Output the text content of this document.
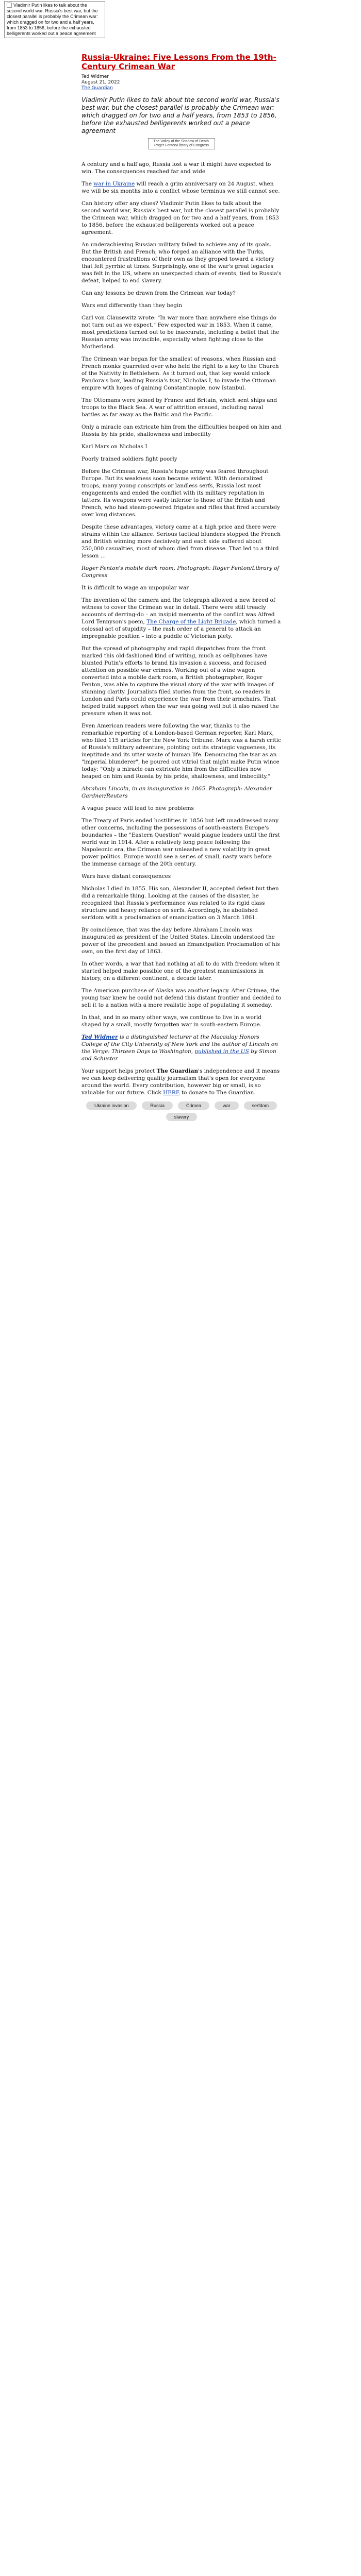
Vladimir Putin likes to talk about the second world war. Russia's best war, but the closest parallel is probably the Crimean war: which dragged on for two and a half years, from 1853 to 1856, before the exhausted belligerents worked out a peace agreement
Russia-Ukraine: Five Lessons From the 19th-Century Crimean War
Ted Widmer
August 21, 2022
The Guardian
Vladimir Putin likes to talk about the second world war, Russia's best war, but the closest parallel is probably the Crimean war: which dragged on for two and a half years, from 1853 to 1856, before the exhausted belligerents worked out a peace agreement
The Valley of the Shadow of Death. Roger Fenton/Library of Congress

A century and a half ago, Russia lost a war it might have expected to win. The consequences reached far and wide

The war in Ukraine will reach a grim anniversary on 24 August, when we will be six months into a conflict whose terminus we still cannot see.

Can history offer any clues? Vladimir Putin likes to talk about the second world war, Russia's best war, but the closest parallel is probably the Crimean war, which dragged on for two and a half years, from 1853 to 1856, before the exhausted belligerents worked out a peace agreement.

An underachieving Russian military failed to achieve any of its goals. But the British and French, who forged an alliance with the Turks, encountered frustrations of their own as they groped toward a victory that felt pyrrhic at times. Surprisingly, one of the war's great legacies was felt in the US, where an unexpected chain of events, tied to Russia's defeat, helped to end slavery.

Can any lessons be drawn from the Crimean war today?

Wars end differently than they begin

Carl von Clausewitz wrote: "In war more than anywhere else things do not turn out as we expect." Few expected war in 1853. When it came, most predictions turned out to be inaccurate, including a belief that the Russian army was invincible, especially when fighting close to the Motherland.

The Crimean war began for the smallest of reasons, when Russian and French monks quarreled over who held the right to a key to the Church of the Nativity in Bethlehem. As it turned out, that key would unlock Pandora's box, leading Russia's tsar, Nicholas I, to invade the Ottoman empire with hopes of gaining Constantinople, now Istanbul.

The Ottomans were joined by France and Britain, which sent ships and troops to the Black Sea. A war of attrition ensued, including naval battles as far away as the Baltic and the Pacific.

Only a miracle can extricate him from the difficulties heaped on him and Russia by his pride, shallowness and imbecility

Karl Marx on Nicholas I

Poorly trained soldiers fight poorly

Before the Crimean war, Russia's huge army was feared throughout Europe. But its weakness soon became evident. With demoralized troops, many young conscripts or landless serfs, Russia lost most engagements and ended the conflict with its military reputation in tatters. Its weapons were vastly inferior to those of the British and French, who had steam-powered frigates and rifles that fired accurately over long distances.

Despite these advantages, victory came at a high price and there were strains within the alliance. Serious tactical blunders stopped the French and British winning more decisively and each side suffered about 250,000 casualties, most of whom died from disease. That led to a third lesson …

Roger Fenton's mobile dark room. Photograph: Roger Fenton/Library of Congress

It is difficult to wage an unpopular war

The invention of the camera and the telegraph allowed a new breed of witness to cover the Crimean war in detail. There were still treacly accounts of derring-do – an insipid memento of the conflict was Alfred Lord Tennyson's poem, The Charge of the Light Brigade, which turned a colossal act of stupidity – the rash order of a general to attack an impregnable position – into a puddle of Victorian piety.

But the spread of photography and rapid dispatches from the front marked this old-fashioned kind of writing, much as cellphones have blunted Putin's efforts to brand his invasion a success, and focused attention on possible war crimes. Working out of a wine wagon converted into a mobile dark room, a British photographer, Roger Fenton, was able to capture the visual story of the war with images of stunning clarity. Journalists filed stories from the front, so readers in London and Paris could experience the war from their armchairs. That helped build support when the war was going well but it also raised the pressure when it was not.

Even American readers were following the war, thanks to the remarkable reporting of a London-based German reporter, Karl Marx, who filed 115 articles for the New York Tribune. Marx was a harsh critic of Russia's military adventure, pointing out its strategic vagueness, its ineptitude and its utter waste of human life. Denouncing the tsar as an "imperial blunderer", he poured out vitriol that might make Putin wince today: "Only a miracle can extricate him from the difficulties now heaped on him and Russia by his pride, shallowness, and imbecility."

Abraham Lincoln, in an inauguration in 1865. Photograph: Alexander Gardner/Reuters

A vague peace will lead to new problems

The Treaty of Paris ended hostilities in 1856 but left unaddressed many other concerns, including the possessions of south-eastern Europe's boundaries – the "Eastern Question" would plague leaders until the first world war in 1914. After a relatively long peace following the Napoleonic era, the Crimean war unleashed a new volatility in great power politics. Europe would see a series of small, nasty wars before the immense carnage of the 20th century.

Wars have distant consequences

Nicholas I died in 1855. His son, Alexander II, accepted defeat but then did a remarkable thing. Looking at the causes of the disaster, he recognized that Russia's performance was related to its rigid class structure and heavy reliance on serfs. Accordingly, he abolished serfdom with a proclamation of emancipation on 3 March 1861.

By coincidence, that was the day before Abraham Lincoln was inaugurated as president of the United States. Lincoln understood the power of the precedent and issued an Emancipation Proclamation of his own, on the first day of 1863.

In other words, a war that had nothing at all to do with freedom when it started helped make possible one of the greatest manumissions in history, on a different continent, a decade later.

The American purchase of Alaska was another legacy. After Crimea, the young tsar knew he could not defend this distant frontier and decided to sell it to a nation with a more realistic hope of populating it someday.

In that, and in so many other ways, we continue to live in a world shaped by a small, mostly forgotten war in south-eastern Europe.

Ted Widmer is a distinguished lecturer at the Macaulay Honors College of the City University of New York and the author of Lincoln on the Verge: Thirteen Days to Washington, published in the US by Simon and Schuster

Your support helps protect The Guardian's independence and it means we can keep delivering quality journalism that's open for everyone around the world. Every contribution, however big or small, is so valuable for our future. Click HERE to donate to The Guardian.

Ukraine invasion	Russia	Crimea	war	serfdom
slavery
